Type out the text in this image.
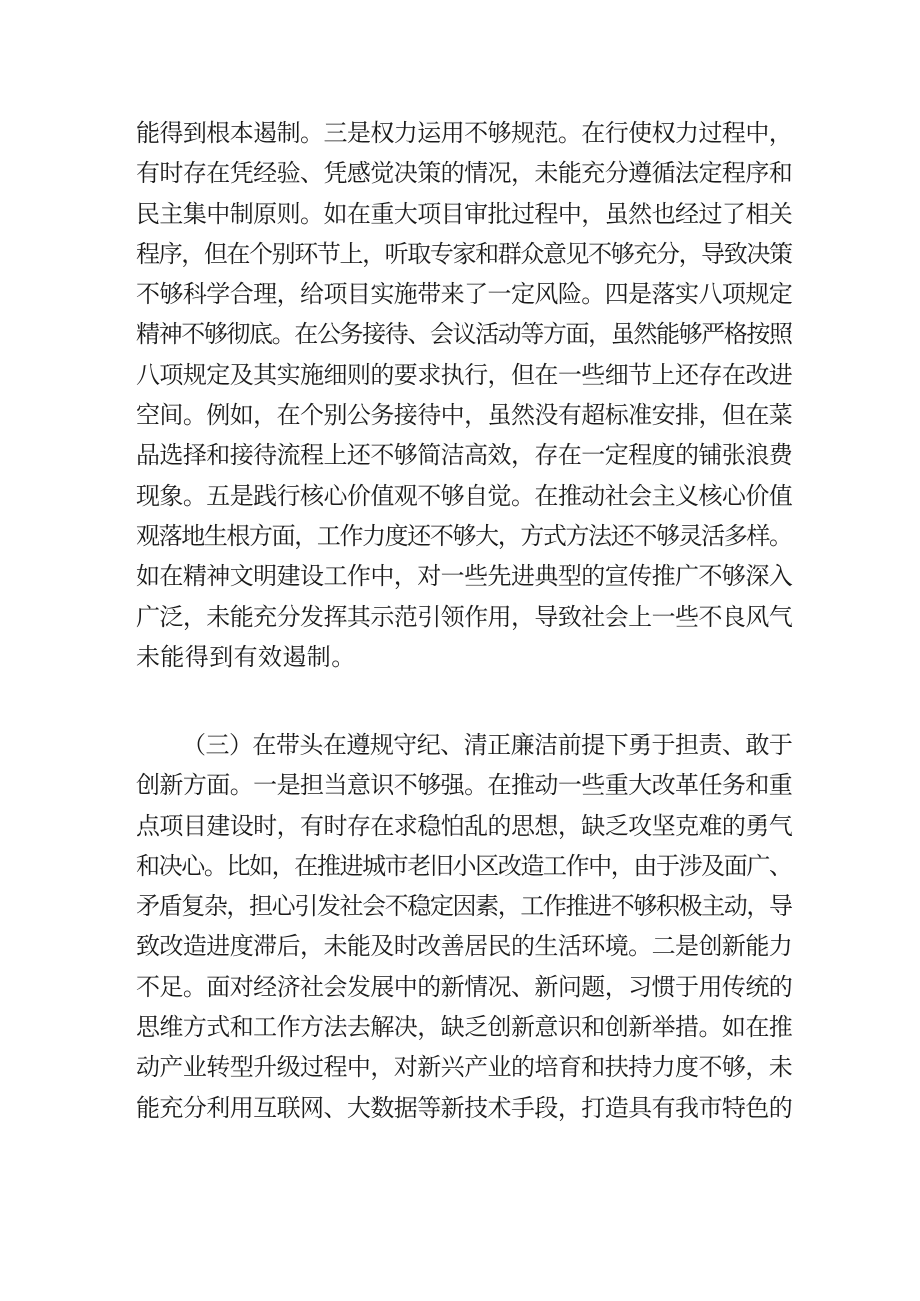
能得到根本遏制。三是权力运用不够规范。在行使权力过程中，
有时存在凭经验、凭感觉决策的情况，未能充分遵循法定程序和
民主集中制原则。如在重大项目审批过程中，虽然也经过了相关
程序，但在个别环节上，听取专家和群众意见不够充分，导致决策
不够科学合理，给项目实施带来了一定风险。四是落实八项规定
精神不够彻底。在公务接待、会议活动等方面，虽然能够严格按照
八项规定及其实施细则的要求执行，但在一些细节上还存在改进
空间。例如，在个别公务接待中，虽然没有超标准安排，但在菜
品选择和接待流程上还不够简洁高效，存在一定程度的铺张浪费
现象。五是践行核心价值观不够自觉。在推动社会主义核心价值
观落地生根方面，工作力度还不够大，方式方法还不够灵活多样。
如在精神文明建设工作中，对一些先进典型的宣传推广不够深入
广泛，未能充分发挥其示范引领作用，导致社会上一些不良风气
未能得到有效遏制。
（三）在带头在遵规守纪、清正廉洁前提下勇于担责、敢于
创新方面。一是担当意识不够强。在推动一些重大改革任务和重
点项目建设时，有时存在求稳怕乱的思想，缺乏攻坚克难的勇气
和决心。比如，在推进城市老旧小区改造工作中，由于涉及面广、
矛盾复杂，担心引发社会不稳定因素，工作推进不够积极主动，导
致改造进度滞后，未能及时改善居民的生活环境。二是创新能力
不足。面对经济社会发展中的新情况、新问题，习惯于用传统的
思维方式和工作方法去解决，缺乏创新意识和创新举措。如在推
动产业转型升级过程中，对新兴产业的培育和扶持力度不够，未
能充分利用互联网、大数据等新技术手段，打造具有我市特色的
